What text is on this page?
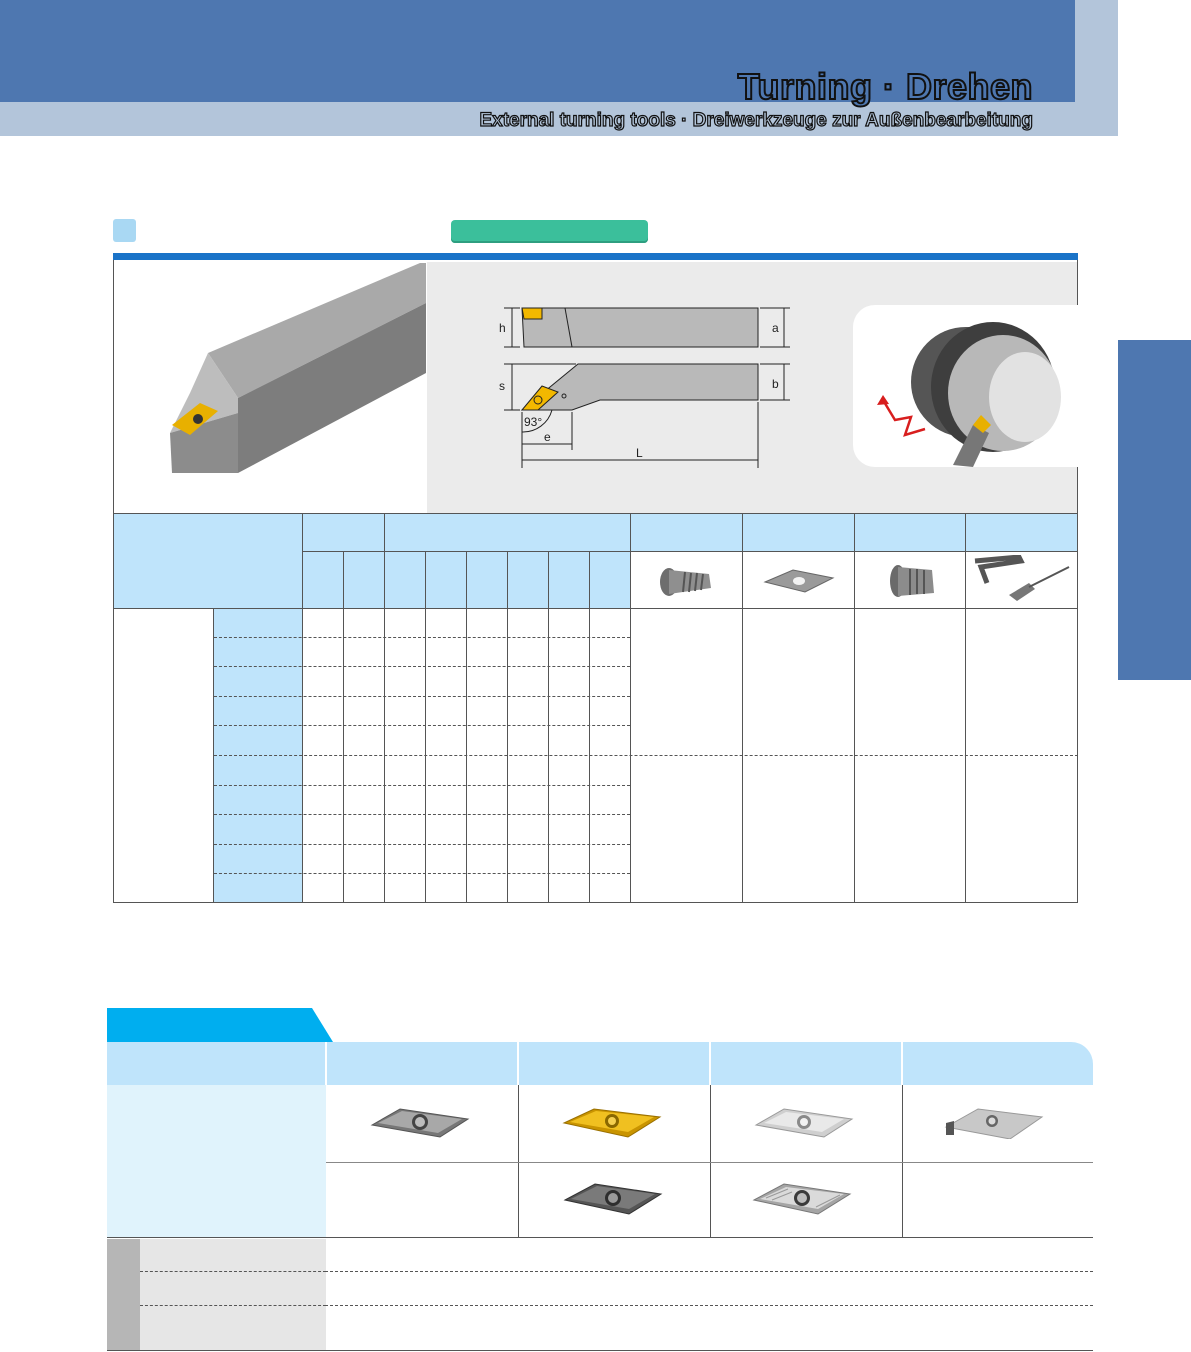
Turning · Drehen
External turning tools · Dreiwerkzeuge zur Außenbearbeitung
h	a
s	b
93°
e
L
